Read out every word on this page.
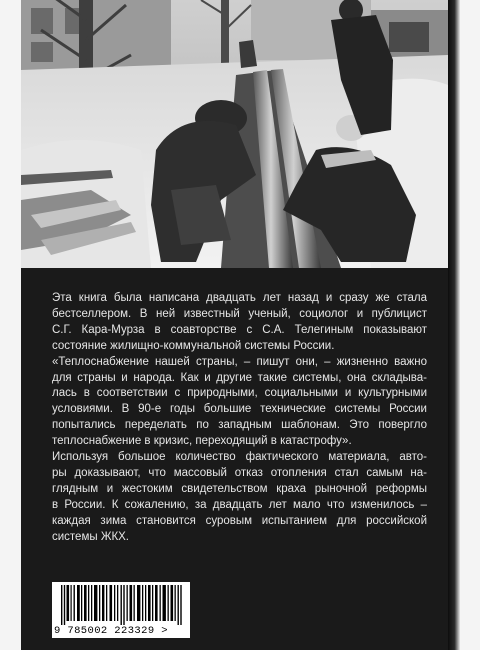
Эта книга была написана двадцать лет назад и сразу же стала
бестселлером. В ней известный ученый, социолог и публицист
С.Г. Кара-Мурза в соавторстве с С.А. Телегиным показывают
состояние жилищно-коммунальной системы России.
«Теплоснабжение нашей страны, – пишут они, – жизненно важно
для страны и народа. Как и другие такие системы, она складыва-
лась в соответствии с природными, социальными и культурными
условиями. В 90-е годы большие технические системы России
попытались переделать по западным шаблонам. Это повергло
теплоснабжение в кризис, переходящий в катастрофу».
Используя большое количество фактического материала, авто-
ры доказывают, что массовый отказ отопления стал самым на-
глядным и жестоким свидетельством краха рыночной реформы
в России. К сожалению, за двадцать лет мало что изменилось –
каждая зима становится суровым испытанием для российской
системы ЖКХ.

9 785002 223329 >
